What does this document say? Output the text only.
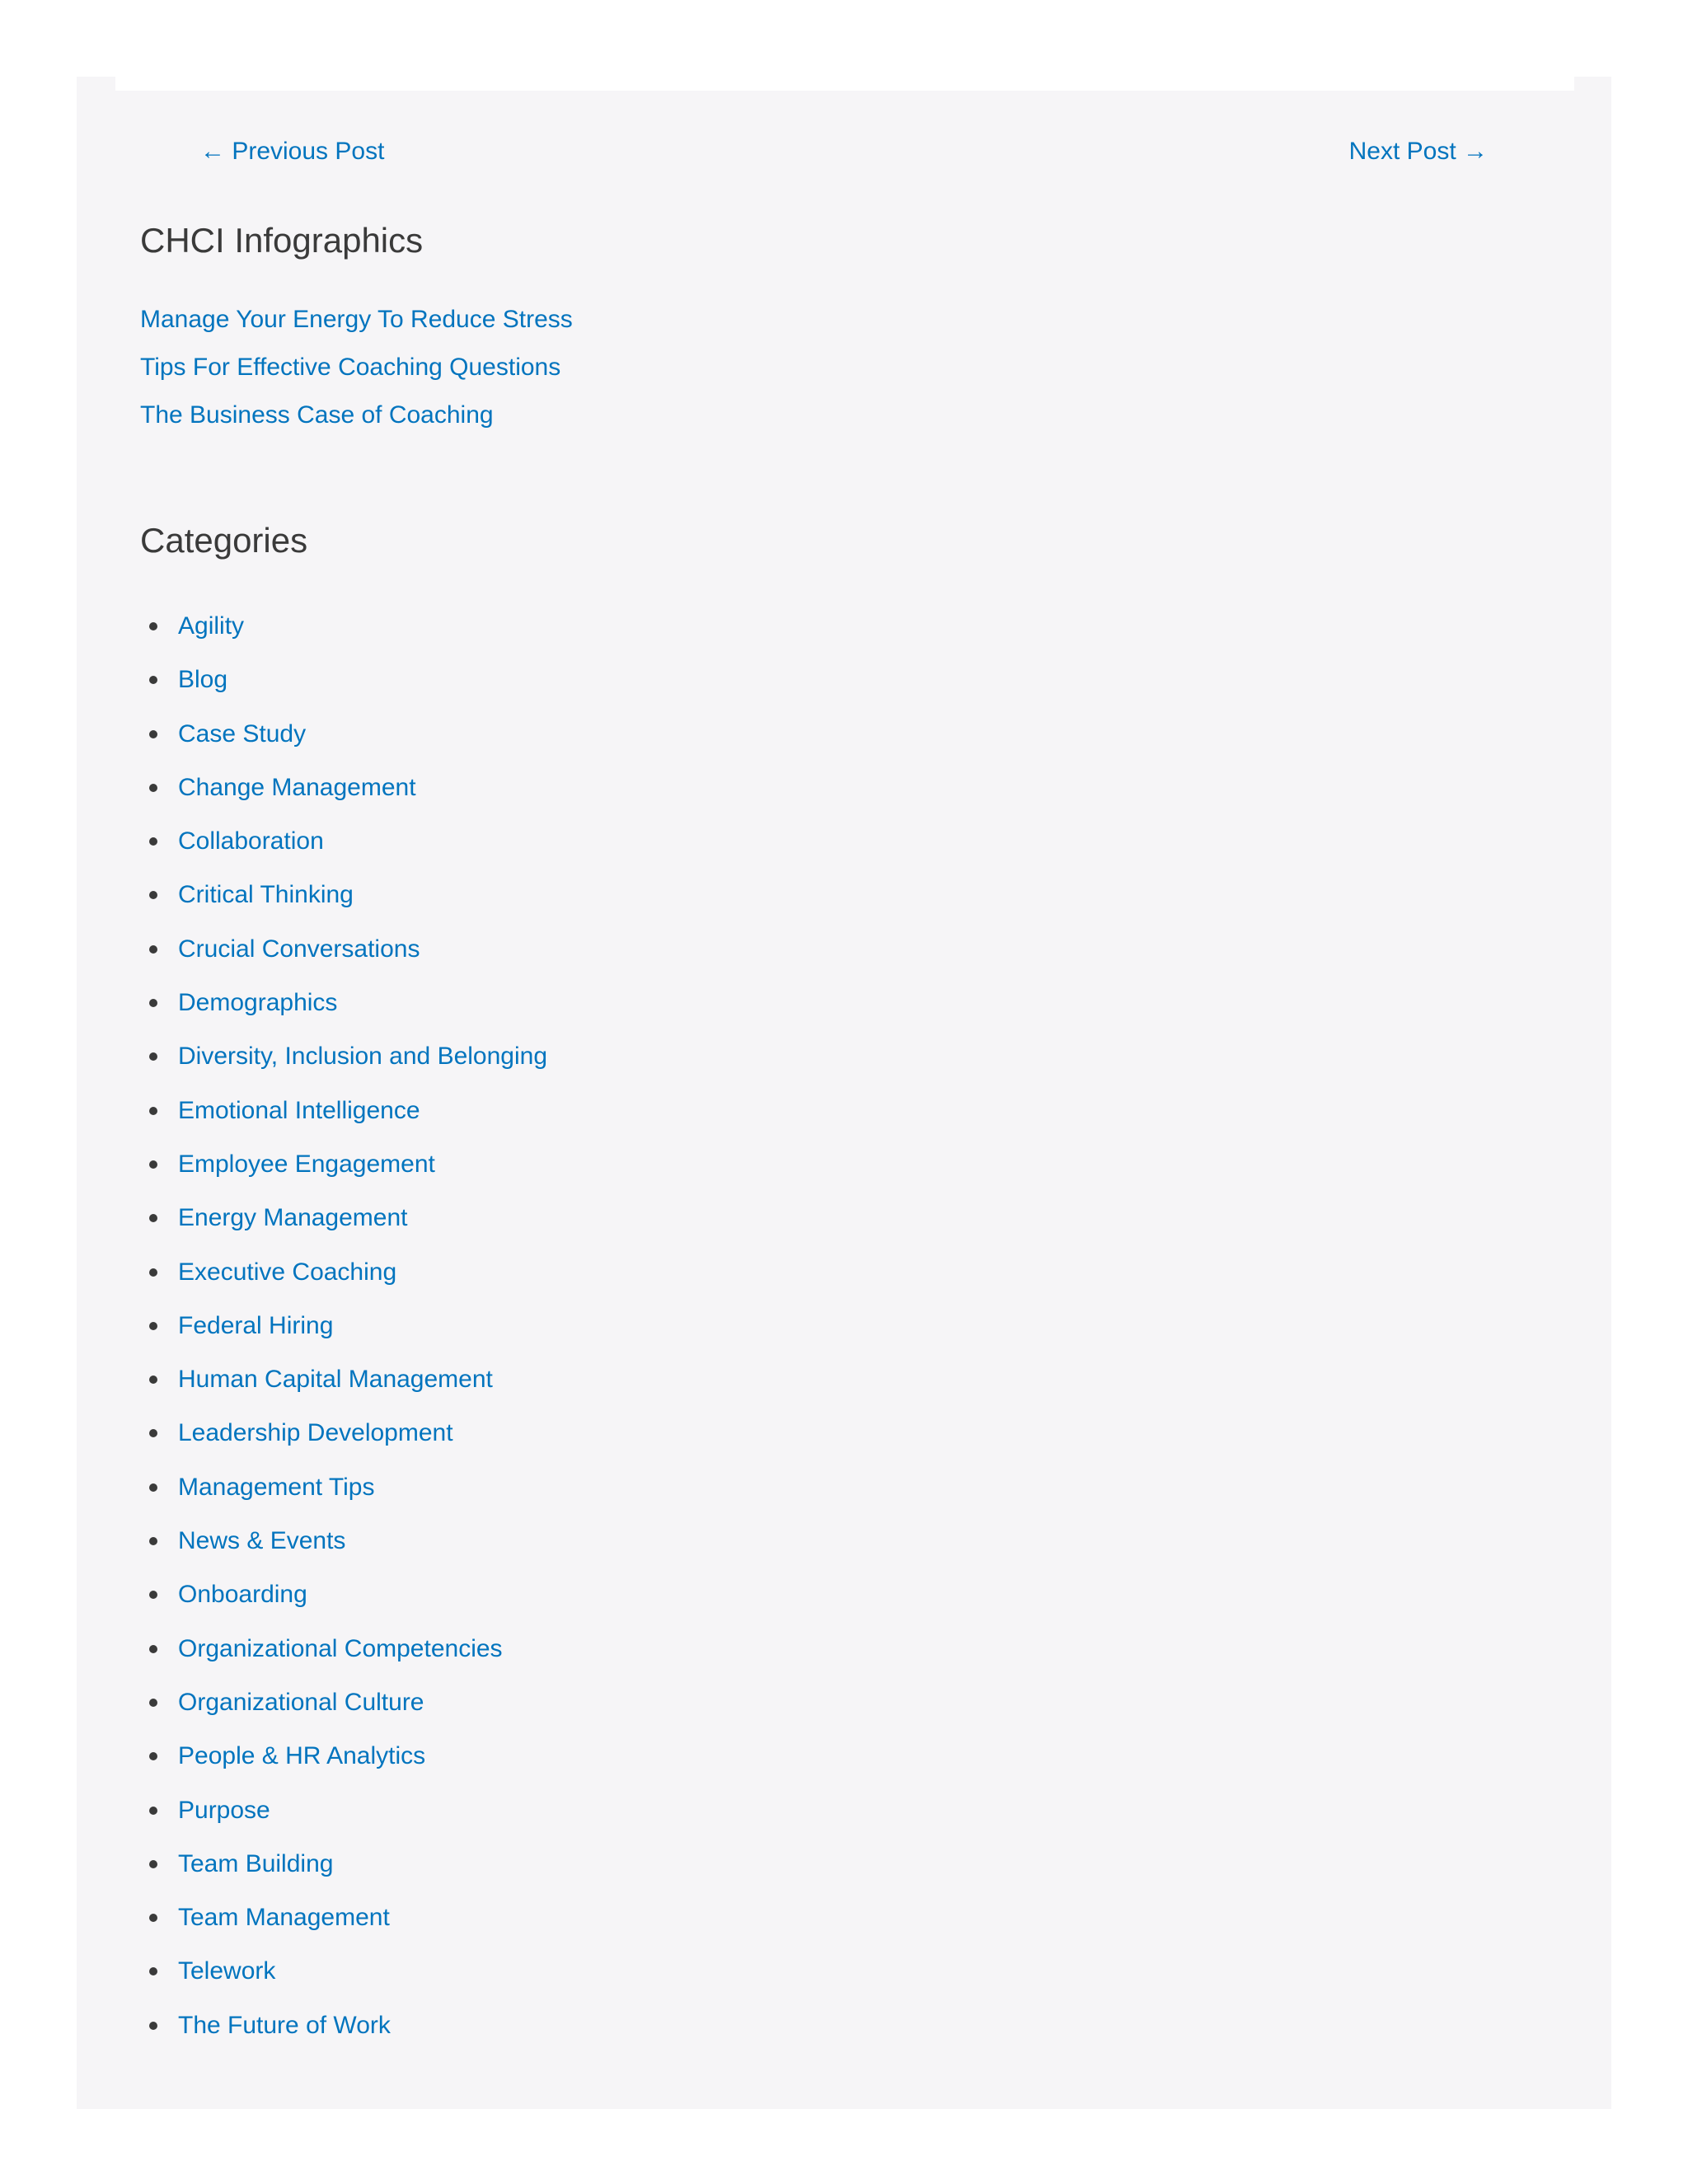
← Previous Post	Next Post →
CHCI Infographics
Manage Your Energy To Reduce Stress
Tips For Effective Coaching Questions
The Business Case of Coaching
Categories
Agility
Blog
Case Study
Change Management
Collaboration
Critical Thinking
Crucial Conversations
Demographics
Diversity, Inclusion and Belonging
Emotional Intelligence
Employee Engagement
Energy Management
Executive Coaching
Federal Hiring
Human Capital Management
Leadership Development
Management Tips
News & Events
Onboarding
Organizational Competencies
Organizational Culture
People & HR Analytics
Purpose
Team Building
Team Management
Telework
The Future of Work
